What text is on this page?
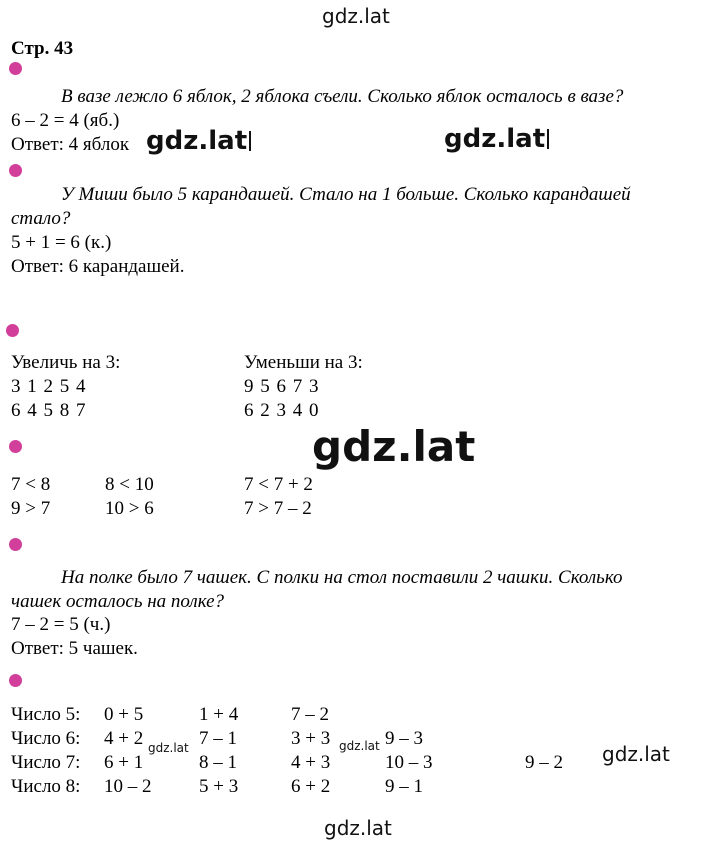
gdz.lat
gdz.lat	gdz.lat
gdz.lat
gdz.lat	gdz.lat	gdz.lat
gdz.lat
Стр. 43
В вазе лежло 6 яблок, 2 яблока съели. Сколько яблок осталось в вазе?
6 – 2 = 4 (яб.)
Ответ: 4 яблок
У Миши было 5 карандашей. Стало на 1 больше. Сколько карандашей
стало?
5 + 1 = 6 (к.)
Ответ: 6 карандашей.
Увеличь на 3:
3 1 2 5 4
6 4 5 8 7
Уменьши на 3:
9 5 6 7 3
6 2 3 4 0
7 < 8	8 < 10	7 < 7 + 2
9 > 7	10 > 6	7 > 7 – 2
На полке было 7 чашек. С полки на стол поставили 2 чашки. Сколько
чашек осталось на полке?
7 – 2 = 5 (ч.)
Ответ: 5 чашек.
Число 5: 0 + 5	1 + 4	7 – 2
Число 6: 4 + 2	7 – 1	3 + 3	9 – 3
Число 7: 6 + 1	8 – 1	4 + 3	10 – 3	9 – 2
Число 8: 10 – 2	5 + 3	6 + 2	9 – 1
